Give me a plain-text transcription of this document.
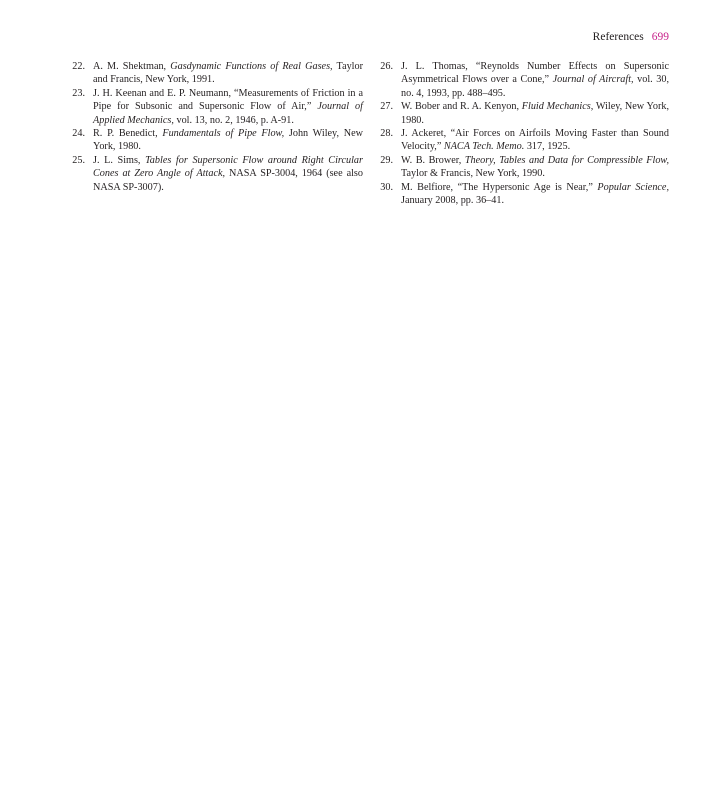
References 699
22. A. M. Shektman, Gasdynamic Functions of Real Gases, Taylor and Francis, New York, 1991.
23. J. H. Keenan and E. P. Neumann, “Measurements of Friction in a Pipe for Subsonic and Supersonic Flow of Air,” Journal of Applied Mechanics, vol. 13, no. 2, 1946, p. A-91.
24. R. P. Benedict, Fundamentals of Pipe Flow, John Wiley, New York, 1980.
25. J. L. Sims, Tables for Supersonic Flow around Right Circular Cones at Zero Angle of Attack, NASA SP-3004, 1964 (see also NASA SP-3007).
26. J. L. Thomas, “Reynolds Number Effects on Supersonic Asymmetrical Flows over a Cone,” Journal of Aircraft, vol. 30, no. 4, 1993, pp. 488–495.
27. W. Bober and R. A. Kenyon, Fluid Mechanics, Wiley, New York, 1980.
28. J. Ackeret, “Air Forces on Airfoils Moving Faster than Sound Velocity,” NACA Tech. Memo. 317, 1925.
29. W. B. Brower, Theory, Tables and Data for Compressible Flow, Taylor & Francis, New York, 1990.
30. M. Belfiore, “The Hypersonic Age is Near,” Popular Science, January 2008, pp. 36–41.
